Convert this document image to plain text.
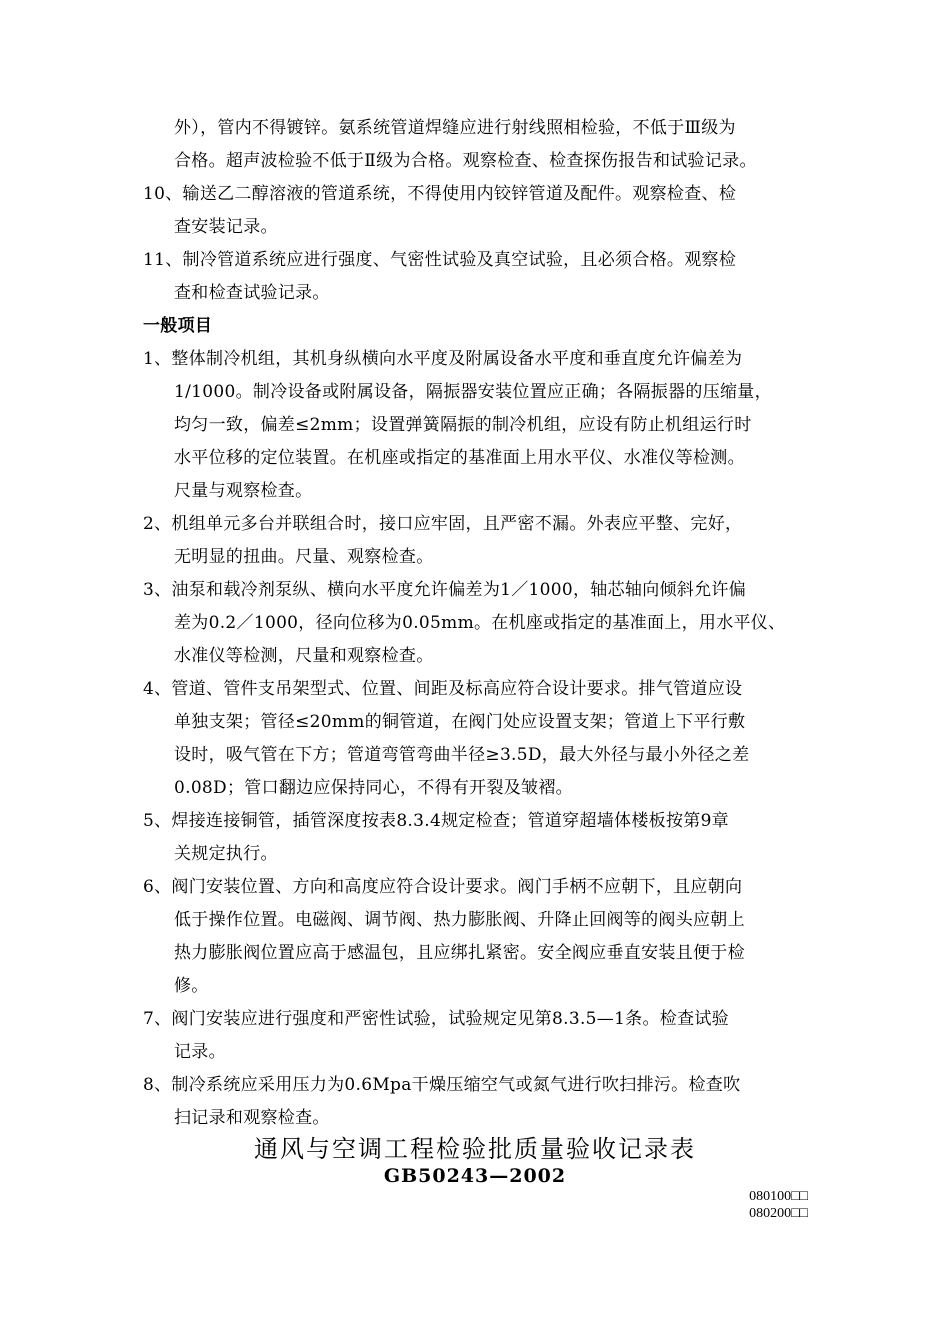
外），管内不得镀锌。氨系统管道焊缝应进行射线照相检验，不低于Ⅲ级为

合格。超声波检验不低于Ⅱ级为合格。观察检查、检查探伤报告和试验记录。

10、输送乙二醇溶液的管道系统，不得使用内铰锌管道及配件。观察检查、检

查安装记录。

11、制冷管道系统应进行强度、气密性试验及真空试验，且必须合格。观察检

查和检查试验记录。

一般项目

1、整体制冷机组，其机身纵横向水平度及附属设备水平度和垂直度允许偏差为

1/1000。制冷设备或附属设备，隔振器安装位置应正确；各隔振器的压缩量，

均匀一致，偏差≤2mm；设置弹簧隔振的制冷机组，应设有防止机组运行时

水平位移的定位装置。在机座或指定的基准面上用水平仪、水准仪等检测。

尺量与观察检查。

2、机组单元多台并联组合时，接口应牢固，且严密不漏。外表应平整、完好，

无明显的扭曲。尺量、观察检查。

3、油泵和载冷剂泵纵、横向水平度允许偏差为1／1000，轴芯轴向倾斜允许偏

差为0.2／1000，径向位移为0.05mm。在机座或指定的基准面上，用水平仪、

水准仪等检测，尺量和观察检查。

4、管道、管件支吊架型式、位置、间距及标高应符合设计要求。排气管道应设

单独支架；管径≤20mm的铜管道，在阀门处应设置支架；管道上下平行敷

设时，吸气管在下方；管道弯管弯曲半径≥3.5D，最大外径与最小外径之差

0.08D；管口翻边应保持同心，不得有开裂及皱褶。

5、焊接连接铜管，插管深度按表8.3.4规定检查；管道穿超墙体楼板按第9章

关规定执行。

6、阀门安装位置、方向和高度应符合设计要求。阀门手柄不应朝下，且应朝向

低于操作位置。电磁阀、调节阀、热力膨胀阀、升降止回阀等的阀头应朝上

热力膨胀阀位置应高于感温包，且应绑扎紧密。安全阀应垂直安装且便于检

修。

7、阀门安装应进行强度和严密性试验，试验规定见第8.3.5—1条。检查试验

记录。

8、制冷系统应采用压力为0.6Mpa干燥压缩空气或氮气进行吹扫排污。检查吹

扫记录和观察检查。

通风与空调工程检验批质量验收记录表

GB50243—2002

080100□□
080200□□
